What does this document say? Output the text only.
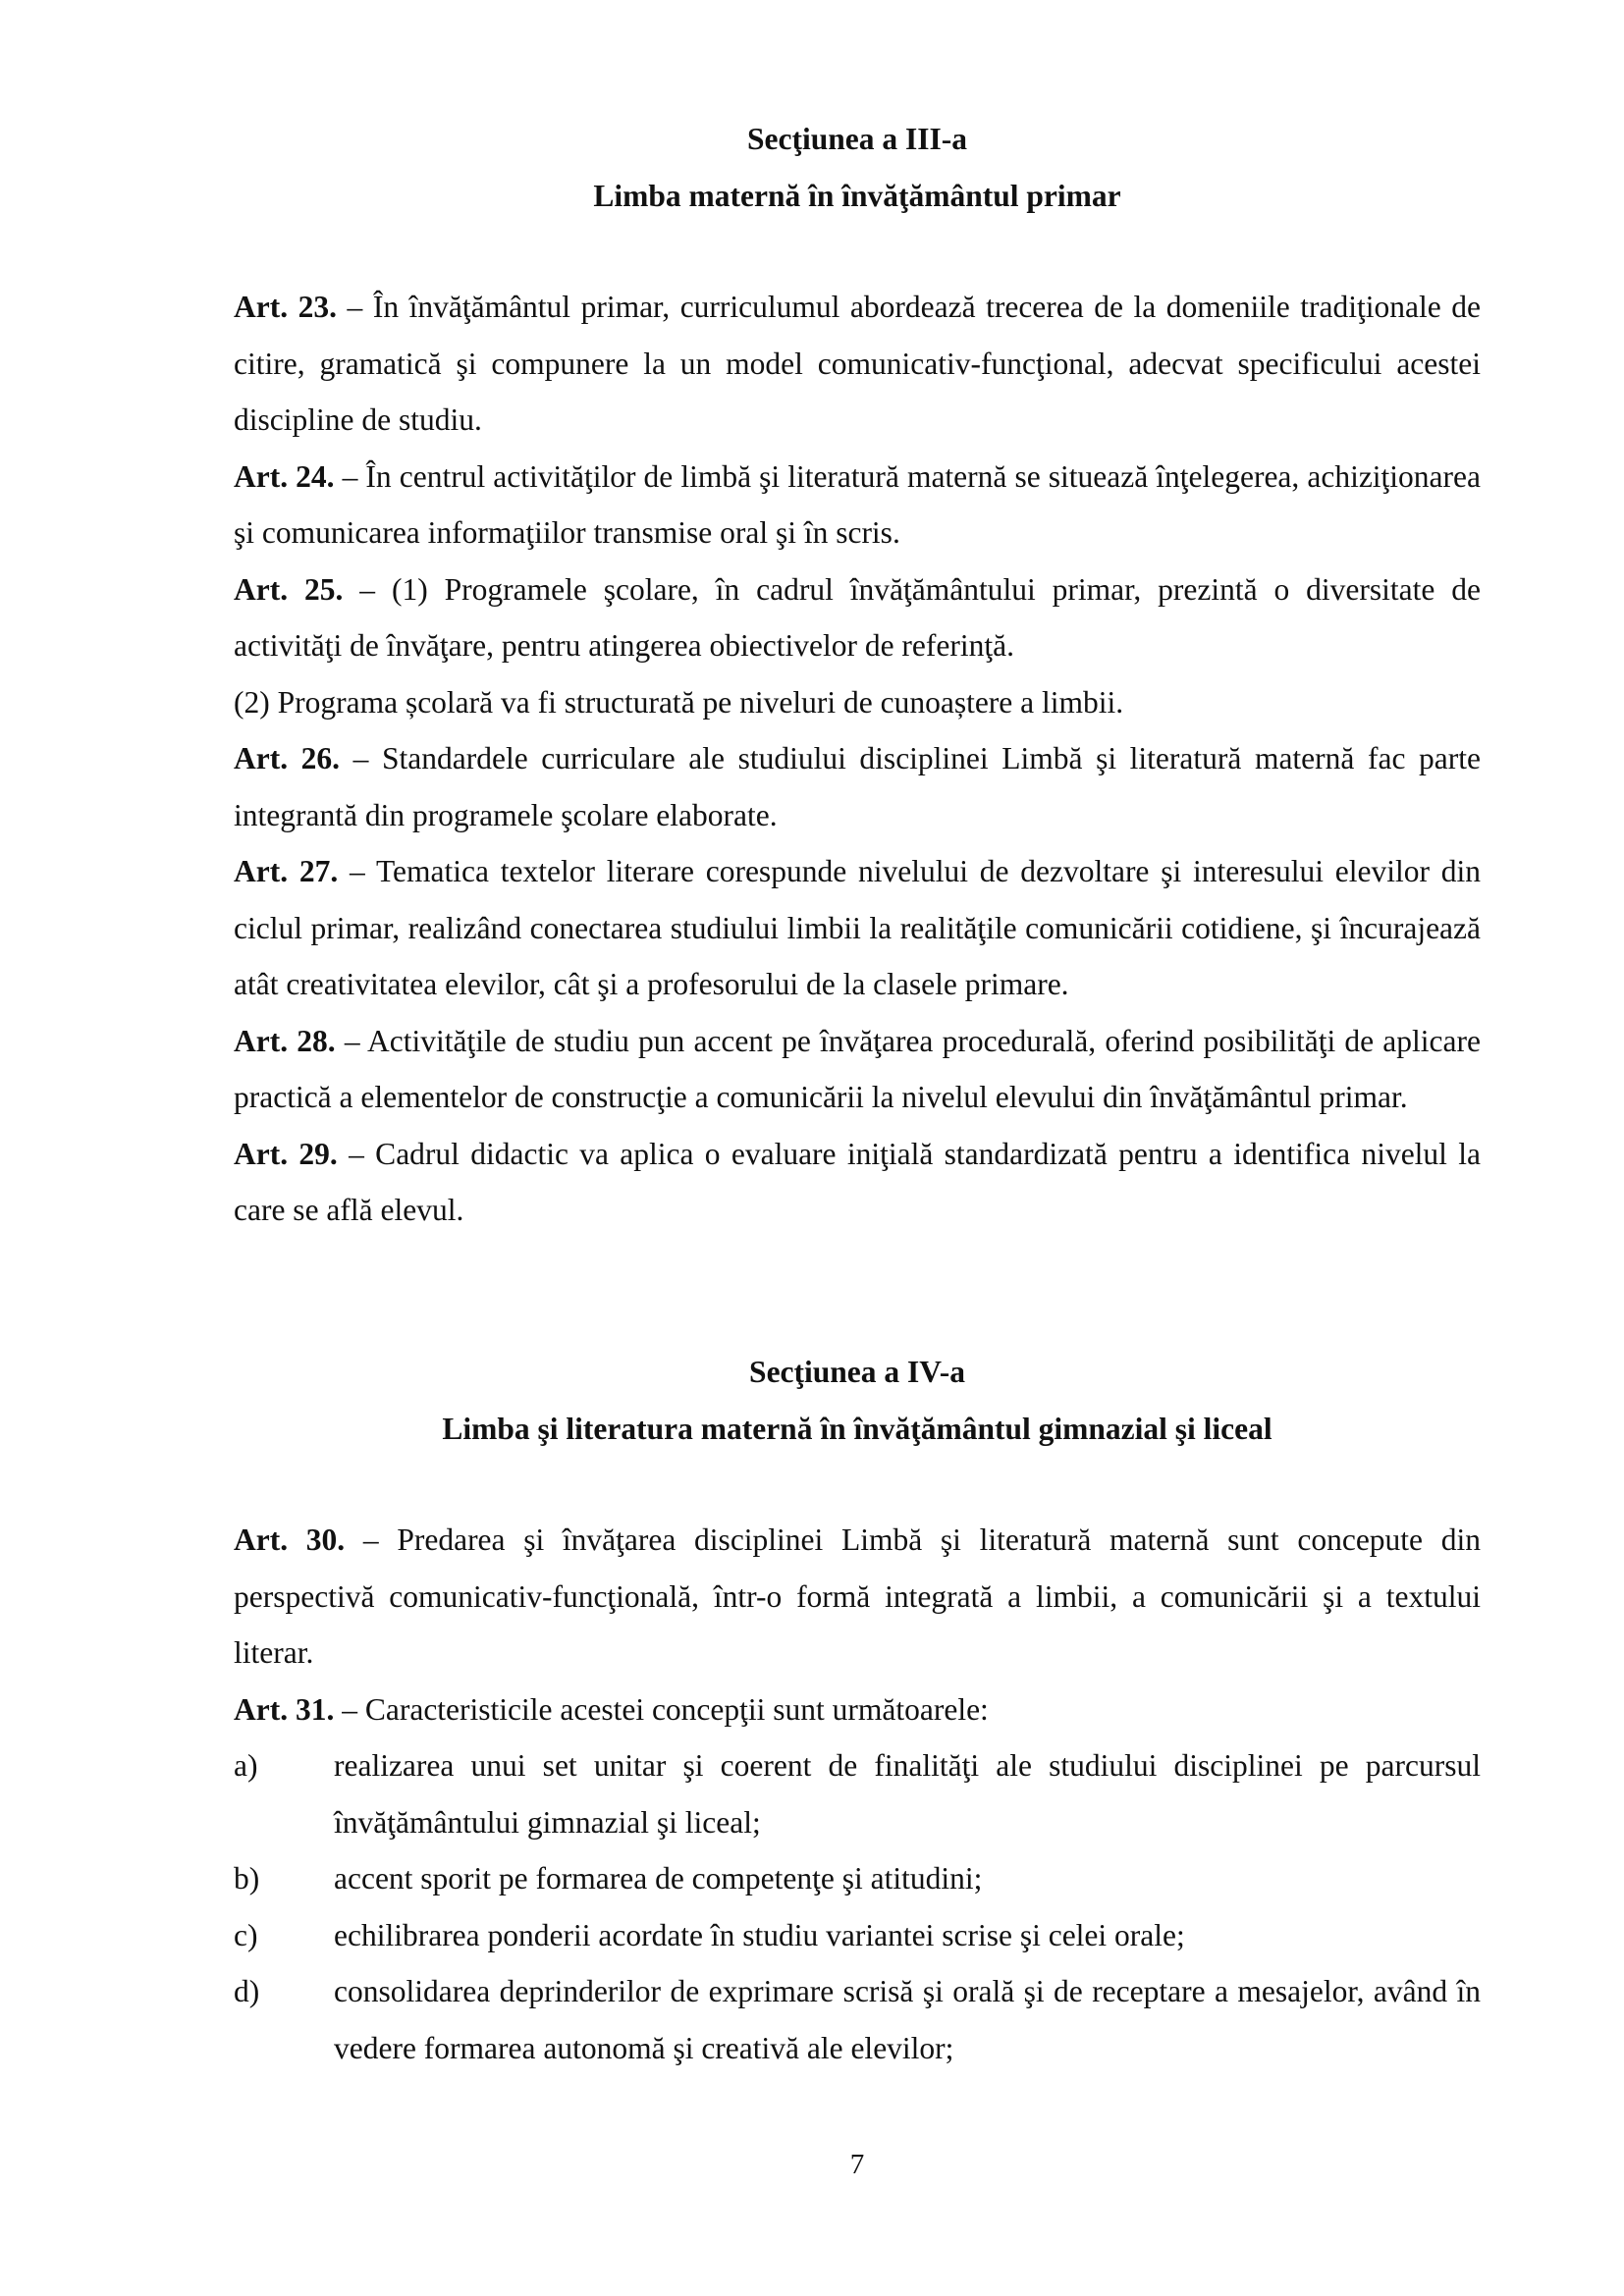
Secţiunea a III-a

Limba maternă în învăţământul primar

Art. 23. – În învăţământul primar, curriculumul abordează trecerea de la domeniile tradiţionale de citire, gramatică şi compunere la un model comunicativ-funcţional, adecvat specificului acestei discipline de studiu.

Art. 24. – În centrul activităţilor de limbă şi literatură maternă se situează înţelegerea, achiziţionarea şi comunicarea informaţiilor transmise oral şi în scris.

Art. 25. – (1) Programele şcolare, în cadrul învăţământului primar, prezintă o diversitate de activităţi de învăţare, pentru atingerea obiectivelor de referinţă.

(2) Programa școlară va fi structurată pe niveluri de cunoaștere a limbii.

Art. 26. – Standardele curriculare ale studiului disciplinei Limbă şi literatură maternă fac parte integrantă din programele şcolare elaborate.

Art. 27. – Tematica textelor literare corespunde nivelului de dezvoltare şi interesului elevilor din ciclul primar, realizând conectarea studiului limbii la realităţile comunicării cotidiene, şi încurajează atât creativitatea elevilor, cât şi a profesorului de la clasele primare.

Art. 28. – Activităţile de studiu pun accent pe învăţarea procedurală, oferind posibilităţi de aplicare practică a elementelor de construcţie a comunicării la nivelul elevului din învăţământul primar.

Art. 29. – Cadrul didactic va aplica o evaluare iniţială standardizată pentru a identifica nivelul la care se află elevul.

Secţiunea a IV-a

Limba şi literatura maternă în învăţământul gimnazial şi liceal

Art. 30. – Predarea şi învăţarea disciplinei Limbă şi literatură maternă sunt concepute din perspectivă comunicativ-funcţională, într-o formă integrată a limbii, a comunicării şi a textului literar.

Art. 31. – Caracteristicile acestei concepţii sunt următoarele:

a) realizarea unui set unitar şi coerent de finalităţi ale studiului disciplinei pe parcursul învăţământului gimnazial şi liceal;

b) accent sporit pe formarea de competenţe şi atitudini;

c) echilibrarea ponderii acordate în studiu variantei scrise şi celei orale;

d) consolidarea deprinderilor de exprimare scrisă şi orală şi de receptare a mesajelor, având în vedere formarea autonomă şi creativă ale elevilor;

7
